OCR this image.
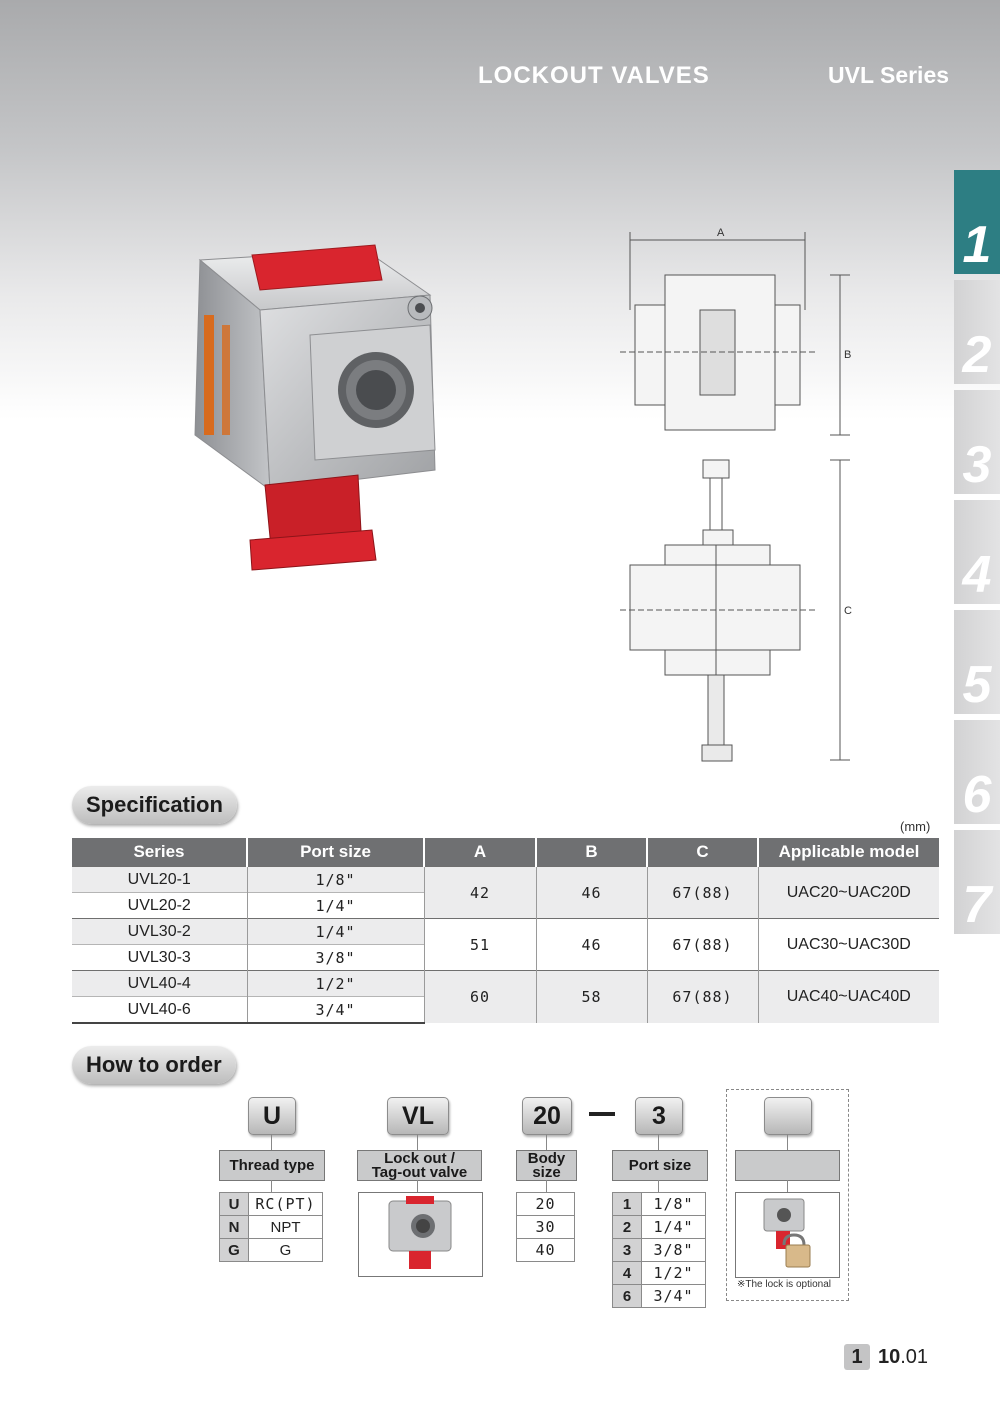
LOCKOUT VALVES	UVL Series
1
2
3
4
5
6
7
A
B
C
Specification
(mm)
Series	Port size	A	B	C	Applicable model
UVL20-1	1/8"	42	46	67(88)	UAC20~UAC20D
UVL20-2	1/4"				
UVL30-2	1/4"	51	46	67(88)	UAC30~UAC30D
UVL30-3	3/8"				
UVL40-4	1/2"	60	58	67(88)	UAC40~UAC40D
UVL40-6	3/4"				
How to order
U	VL	20	3
Thread type	Lock out /
Tag-out valve
Body
size	Port size
U	RC(PT)
N	NPT
G	G
20
30
40
1	1/8"
2	1/4"
3	3/8"
4	1/2"
6	3/4"
※The lock is optional
1 10.01
